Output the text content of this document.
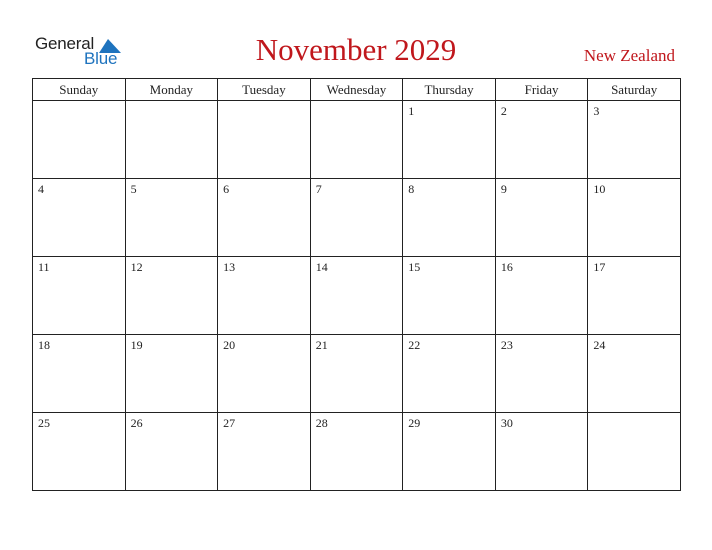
General
Blue	November 2029	New Zealand
Sunday	Monday	Tuesday	Wednesday	Thursday	Friday	Saturday
				1	2	3
4	5	6	7	8	9	10
11	12	13	14	15	16	17
18	19	20	21	22	23	24
25	26	27	28	29	30	
